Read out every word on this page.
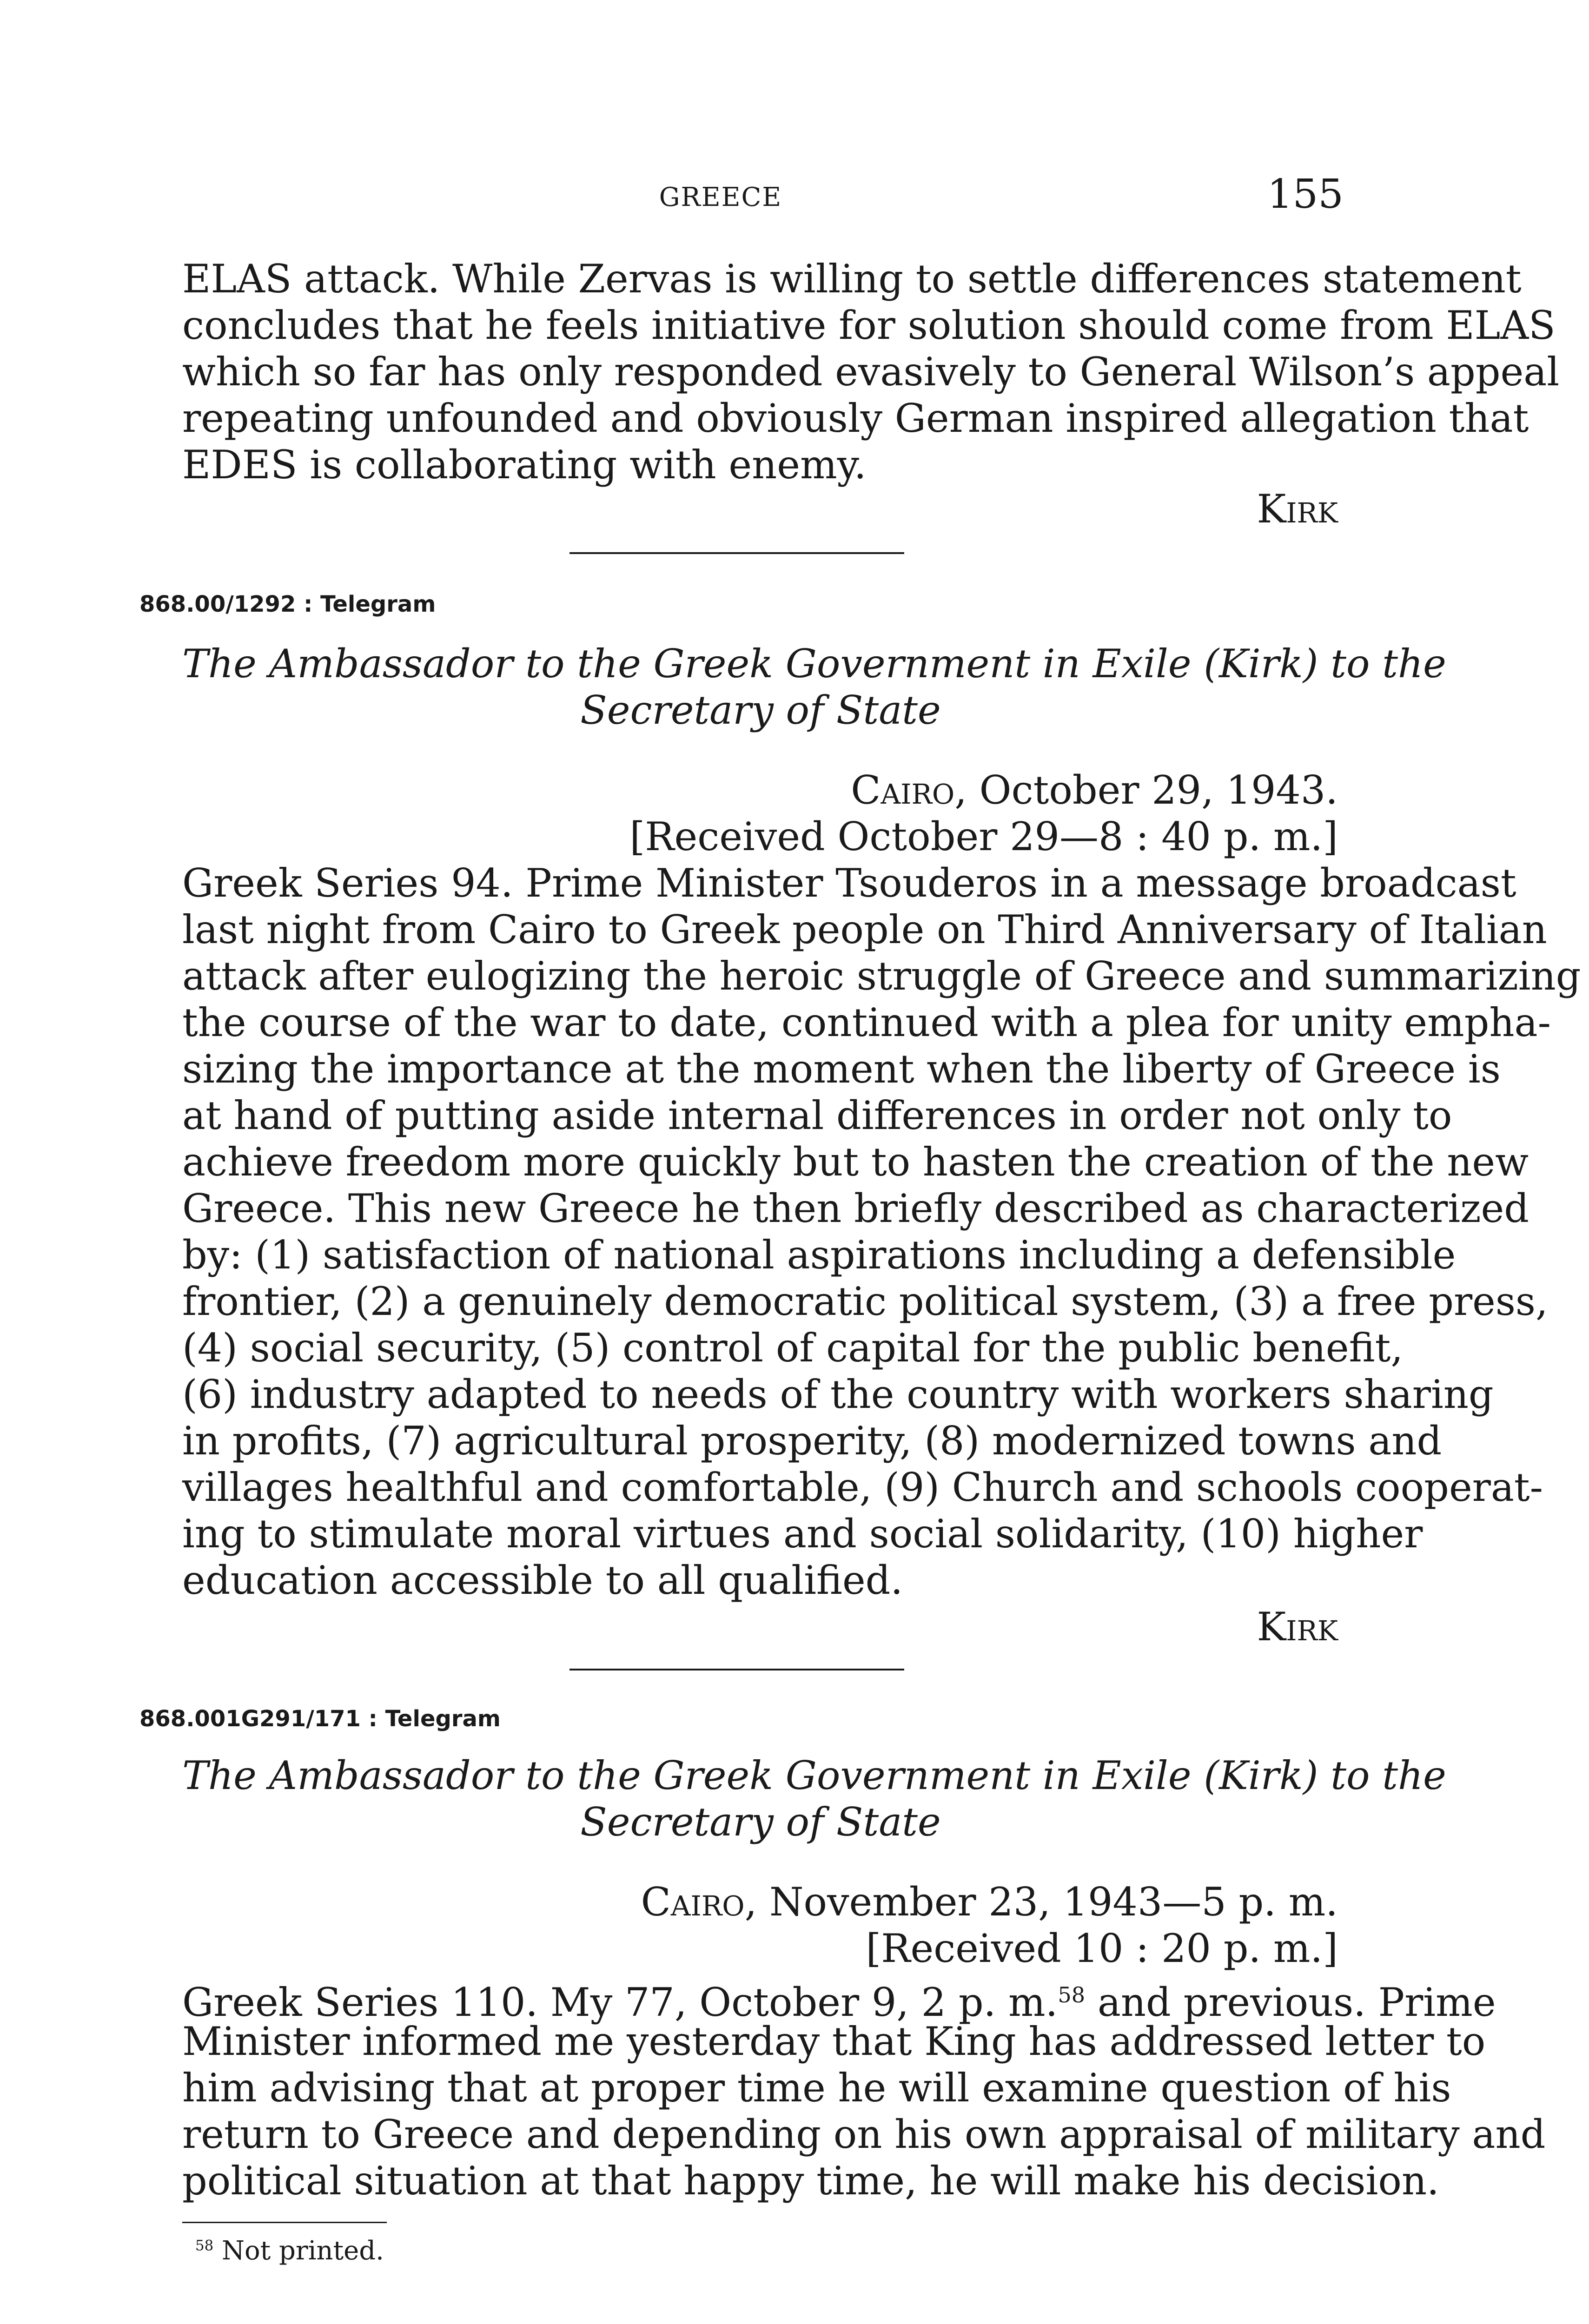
GREECE	155
ELAS attack. While Zervas is willing to settle differences statement
concludes that he feels initiative for solution should come from ELAS
which so far has only responded evasively to General Wilson’s appeal
repeating unfounded and obviously German inspired allegation that
EDES is collaborating with enemy.
Kirk
868.00/1292 : Telegram
The Ambassador to the Greek Government in Exile (Kirk) to the
Secretary of State
Cairo, October 29, 1943.
[Received October 29—8 : 40 p. m.]
Greek Series 94. Prime Minister Tsouderos in a message broadcast
last night from Cairo to Greek people on Third Anniversary of Italian
attack after eulogizing the heroic struggle of Greece and summarizing
the course of the war to date, continued with a plea for unity empha-
sizing the importance at the moment when the liberty of Greece is
at hand of putting aside internal differences in order not only to
achieve freedom more quickly but to hasten the creation of the new
Greece. This new Greece he then briefly described as characterized
by: (1) satisfaction of national aspirations including a defensible
frontier, (2) a genuinely democratic political system, (3) a free press,
(4) social security, (5) control of capital for the public benefit,
(6) industry adapted to needs of the country with workers sharing
in profits, (7) agricultural prosperity, (8) modernized towns and
villages healthful and comfortable, (9) Church and schools cooperat-
ing to stimulate moral virtues and social solidarity, (10) higher
education accessible to all qualified.
Kirk
868.001G291/171 : Telegram
The Ambassador to the Greek Government in Exile (Kirk) to the
Secretary of State
Cairo, November 23, 1943—5 p. m.
[Received 10 : 20 p. m.]
Greek Series 110. My 77, October 9, 2 p. m.$^{58}$ and previous. Prime
Minister informed me yesterday that King has addressed letter to
him advising that at proper time he will examine question of his
return to Greece and depending on his own appraisal of military and
political situation at that happy time, he will make his decision.
$^{58}$ Not printed.
